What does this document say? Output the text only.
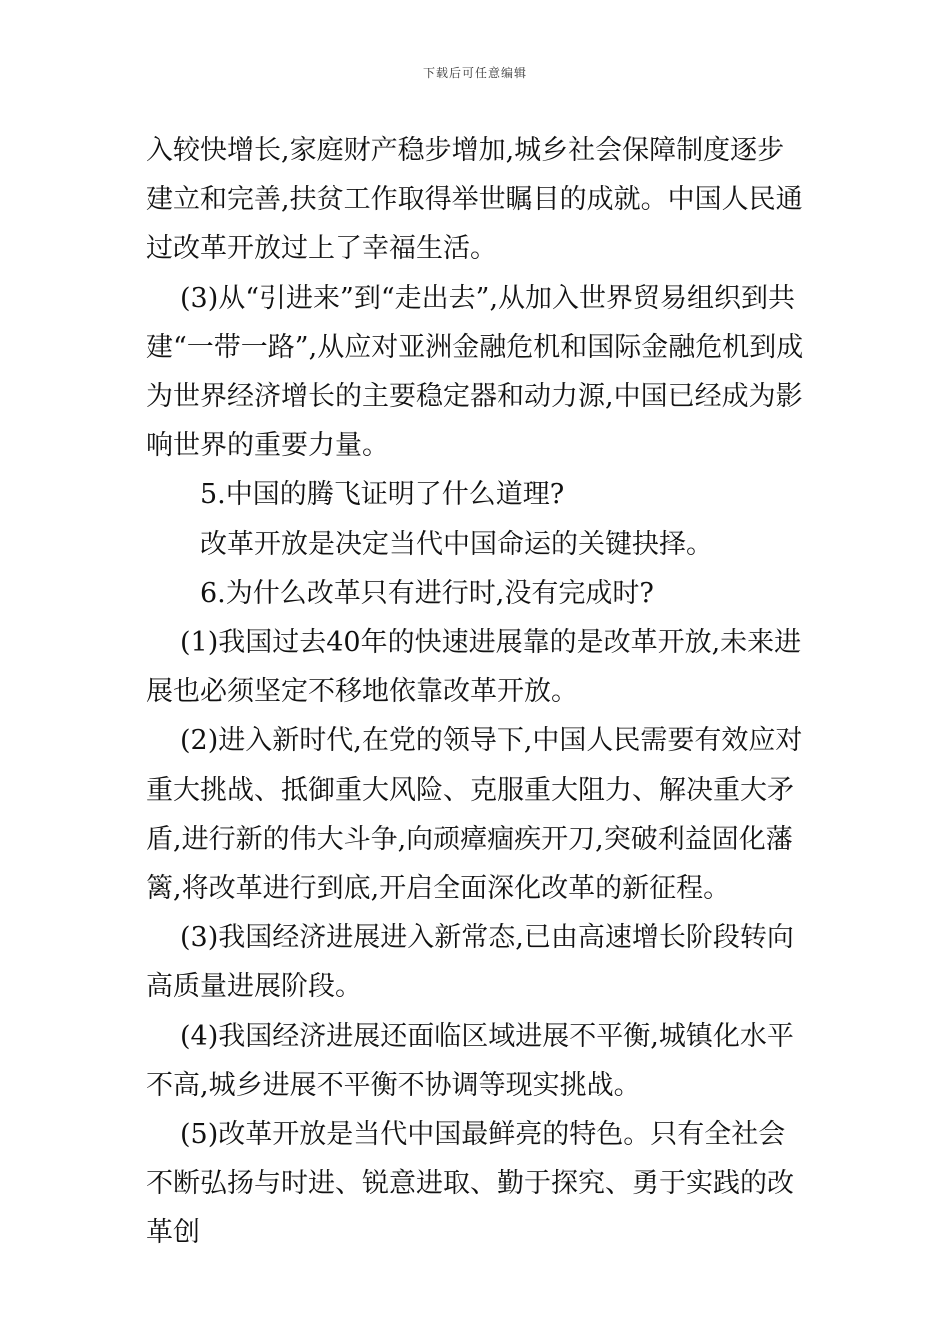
下载后可任意编辑

入较快增长,家庭财产稳步增加,城乡社会保障制度逐步建立和完善,扶贫工作取得举世瞩目的成就。中国人民通过改革开放过上了幸福生活。

(3)从“引进来”到“走出去”,从加入世界贸易组织到共建“一带一路”,从应对亚洲金融危机和国际金融危机到成为世界经济增长的主要稳定器和动力源,中国已经成为影响世界的重要力量。

5.中国的腾飞证明了什么道理?

改革开放是决定当代中国命运的关键抉择。

6.为什么改革只有进行时,没有完成时?

(1)我国过去40年的快速进展靠的是改革开放,未来进展也必须坚定不移地依靠改革开放。

(2)进入新时代,在党的领导下,中国人民需要有效应对重大挑战、抵御重大风险、克服重大阻力、解决重大矛盾,进行新的伟大斗争,向顽瘴痼疾开刀,突破利益固化藩篱,将改革进行到底,开启全面深化改革的新征程。

(3)我国经济进展进入新常态,已由高速增长阶段转向高质量进展阶段。

(4)我国经济进展还面临区域进展不平衡,城镇化水平不高,城乡进展不平衡不协调等现实挑战。

(5)改革开放是当代中国最鲜亮的特色。只有全社会不断弘扬与时进、锐意进取、勤于探究、勇于实践的改革创
